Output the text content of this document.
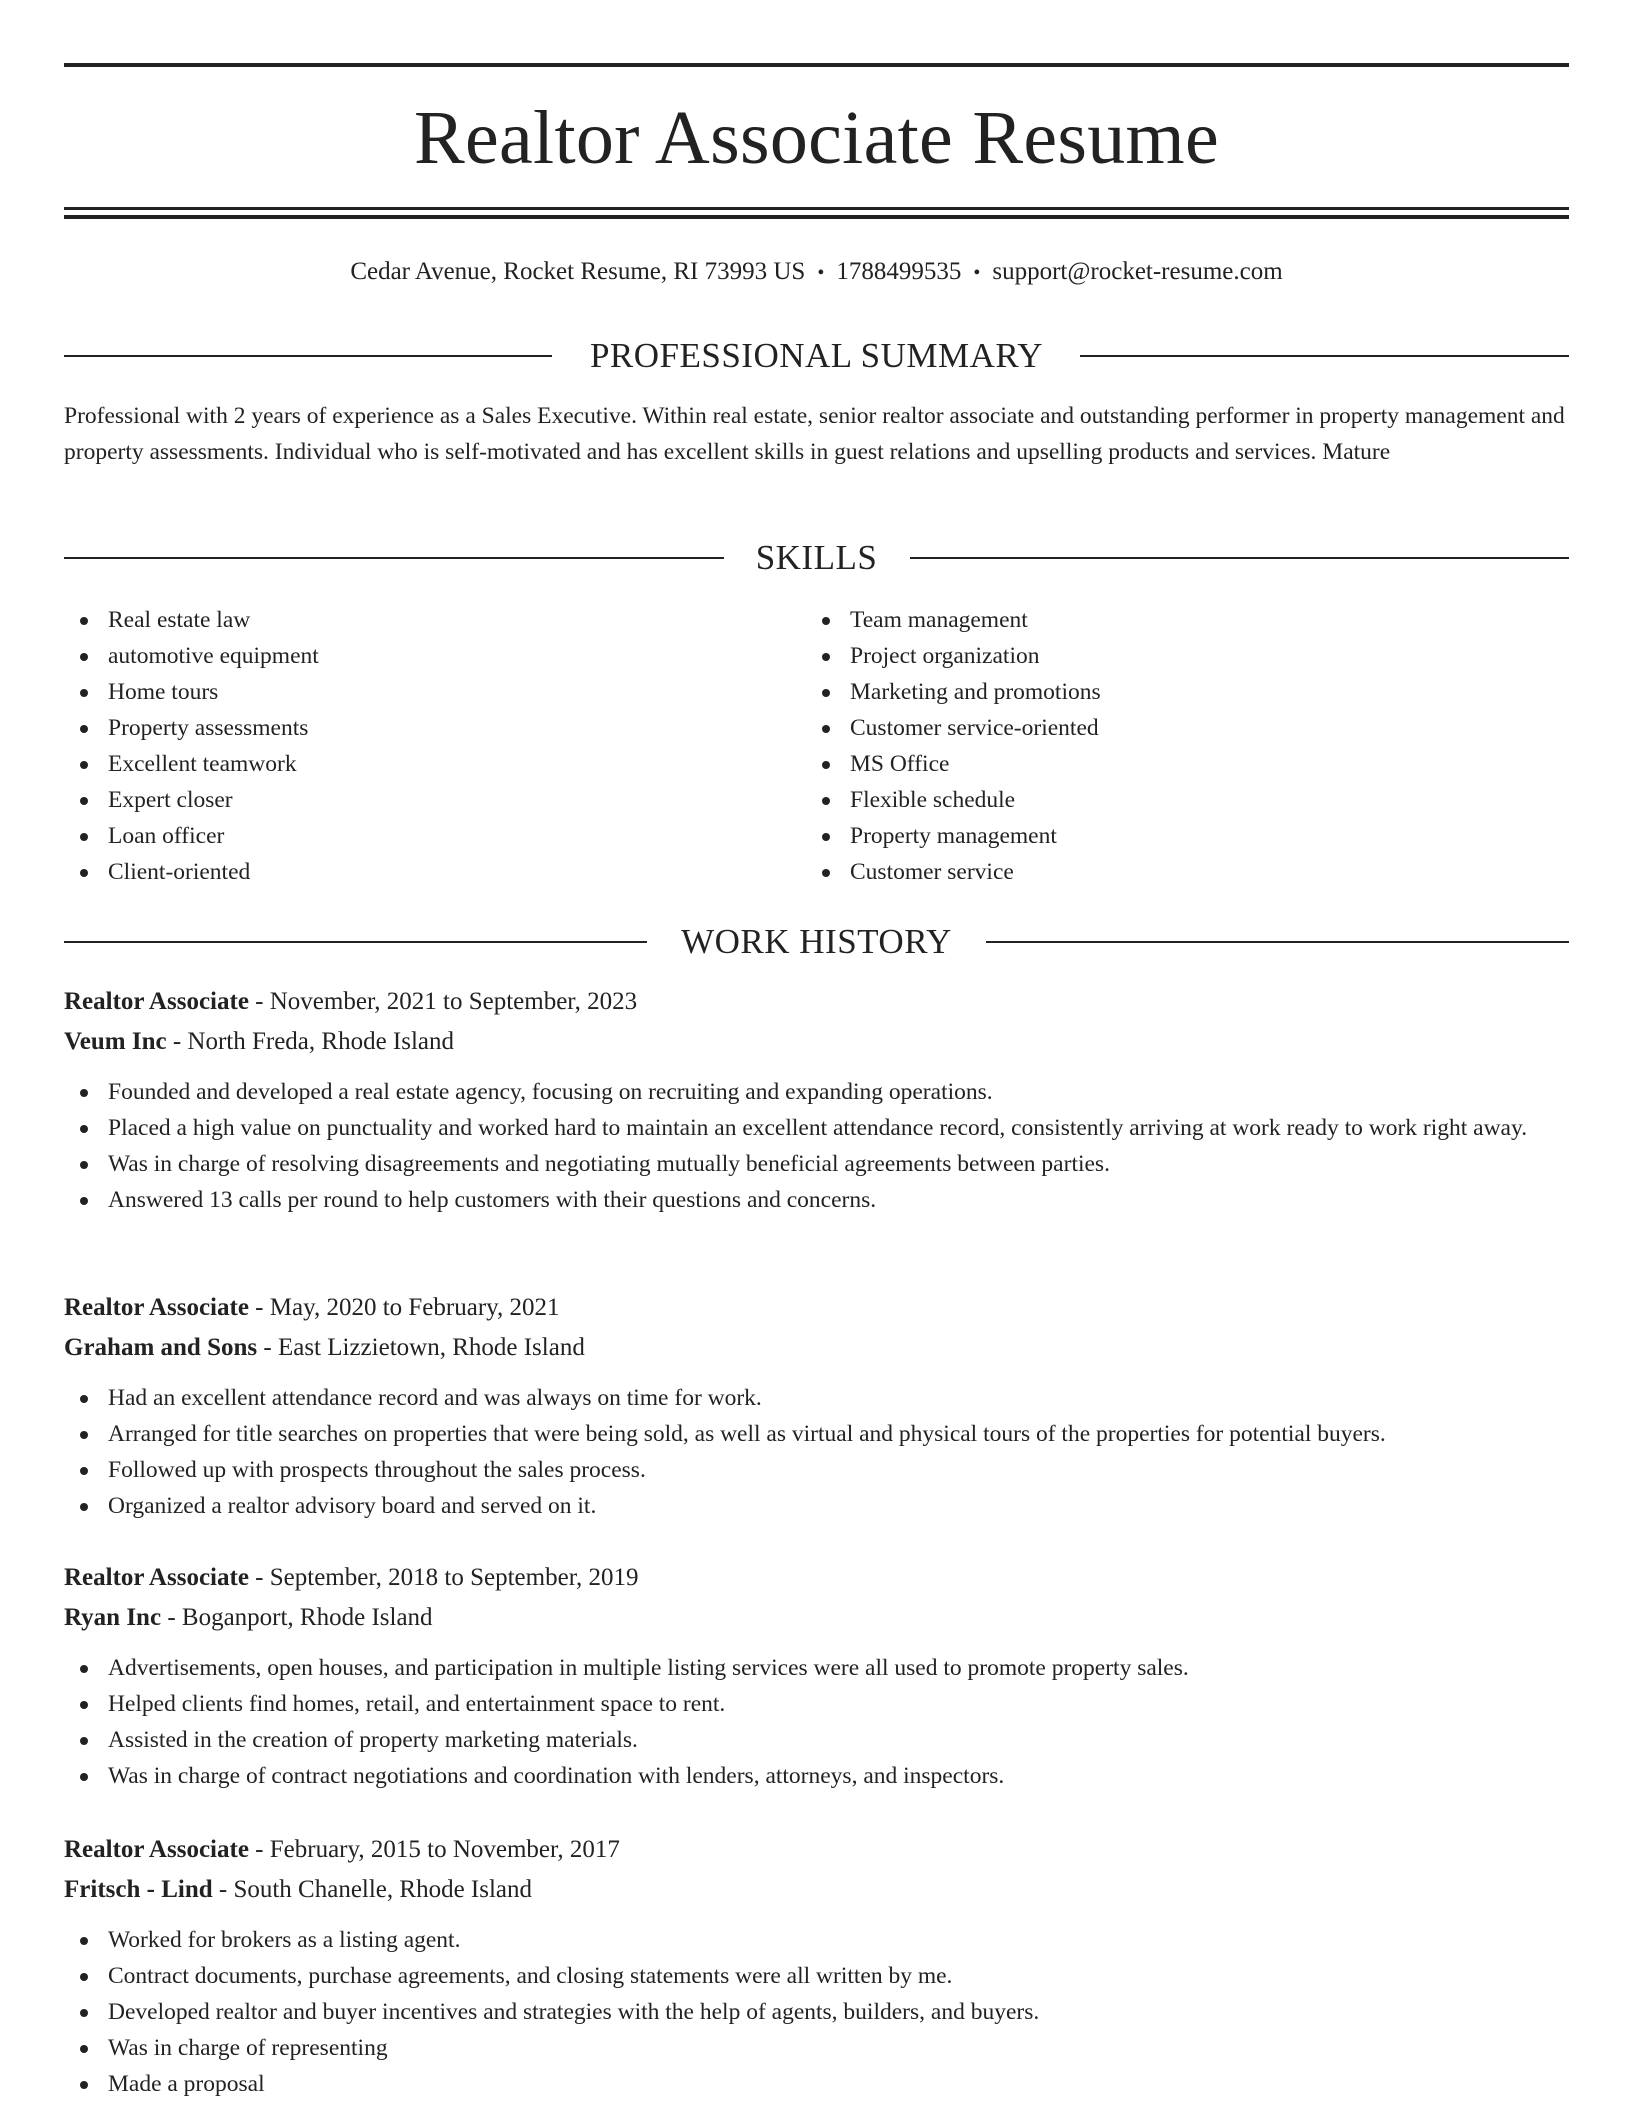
Realtor Associate Resume
Cedar Avenue, Rocket Resume, RI 73993 US • 1788499535 • support@rocket-resume.com
PROFESSIONAL SUMMARY

Professional with 2 years of experience as a Sales Executive. Within real estate, senior realtor associate and outstanding performer in property management and property assessments. Individual who is self-motivated and has excellent skills in guest relations and upselling products and services. Mature

SKILLS
Real estate law
automotive equipment
Home tours
Property assessments
Excellent teamwork
Expert closer
Loan officer
Client-oriented
Team management
Project organization
Marketing and promotions
Customer service-oriented
MS Office
Flexible schedule
Property management
Customer service
WORK HISTORY
Realtor Associate - November, 2021 to September, 2023
Veum Inc - North Freda, Rhode Island
Founded and developed a real estate agency, focusing on recruiting and expanding operations.
Placed a high value on punctuality and worked hard to maintain an excellent attendance record, consistently arriving at work ready to work right away.
Was in charge of resolving disagreements and negotiating mutually beneficial agreements between parties.
Answered 13 calls per round to help customers with their questions and concerns.
Realtor Associate - May, 2020 to February, 2021
Graham and Sons - East Lizzietown, Rhode Island
Had an excellent attendance record and was always on time for work.
Arranged for title searches on properties that were being sold, as well as virtual and physical tours of the properties for potential buyers.
Followed up with prospects throughout the sales process.
Organized a realtor advisory board and served on it.
Realtor Associate - September, 2018 to September, 2019
Ryan Inc - Boganport, Rhode Island
Advertisements, open houses, and participation in multiple listing services were all used to promote property sales.
Helped clients find homes, retail, and entertainment space to rent.
Assisted in the creation of property marketing materials.
Was in charge of contract negotiations and coordination with lenders, attorneys, and inspectors.
Realtor Associate - February, 2015 to November, 2017
Fritsch - Lind - South Chanelle, Rhode Island
Worked for brokers as a listing agent.
Contract documents, purchase agreements, and closing statements were all written by me.
Developed realtor and buyer incentives and strategies with the help of agents, builders, and buyers.
Was in charge of representing
Made a proposal
